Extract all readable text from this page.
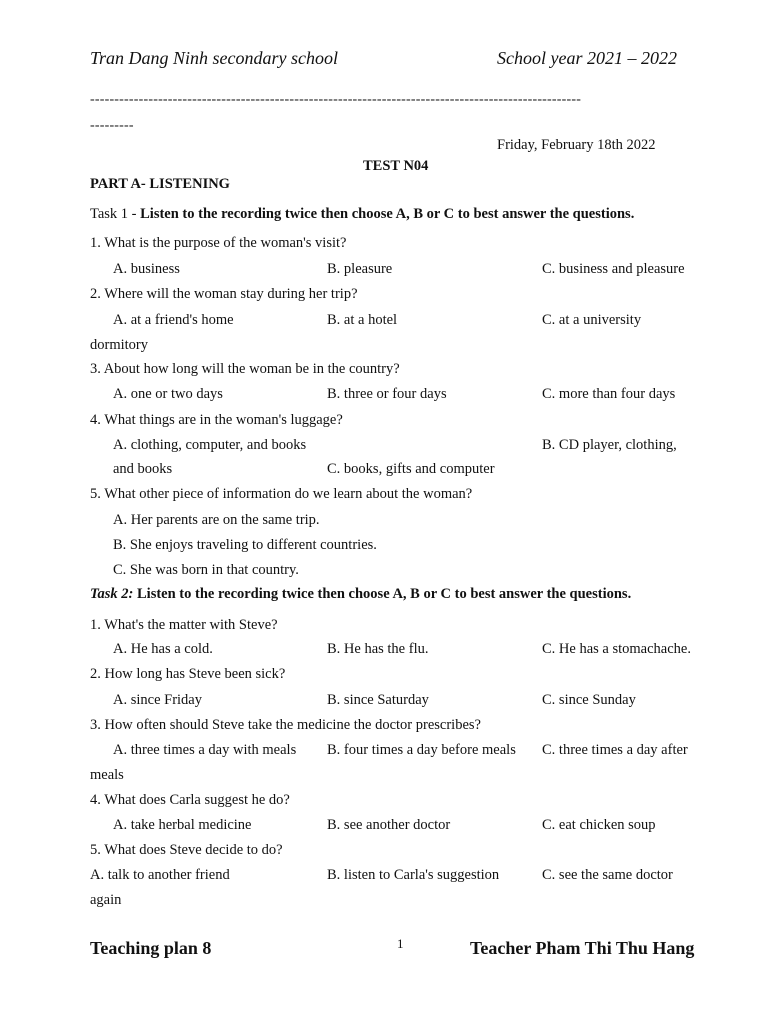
Tran Dang Ninh secondary school	School year 2021 – 2022
-----------------------------------------------------------------------------------------------------
---------
Friday, February 18th 2022
TEST N04
PART A- LISTENING
Task 1 - Listen to the recording twice then choose A, B or C to best answer the questions.
1. What is the purpose of the woman's visit?
A. business	B. pleasure	C. business and pleasure
2. Where will the woman stay during her trip?
A. at a friend's home	B. at a hotel	C. at a university
dormitory
3. About how long will the woman be in the country?
A. one or two days	B. three or four days	C. more than four days
4. What things are in the woman's luggage?
A. clothing, computer, and books	B. CD player, clothing,
and books	C. books, gifts and computer
5. What other piece of information do we learn about the woman?
A. Her parents are on the same trip.
B. She enjoys traveling to different countries.
C. She was born in that country.
Task 2: Listen to the recording twice then choose A, B or C to best answer the questions.
1. What's the matter with Steve?
A. He has a cold.	B. He has the flu.	C. He has a stomachache.
2. How long has Steve been sick?
A. since Friday	B. since Saturday	C. since Sunday
3. How often should Steve take the medicine the doctor prescribes?
A. three times a day with meals B. four times a day before meals C. three times a day after
meals
4. What does Carla suggest he do?
A. take herbal medicine	B. see another doctor	C. eat chicken soup
5. What does Steve decide to do?
A. talk to another friend	B. listen to Carla's suggestion	C. see the same doctor
again
Teaching plan 8	1	Teacher Pham Thi Thu Hang
